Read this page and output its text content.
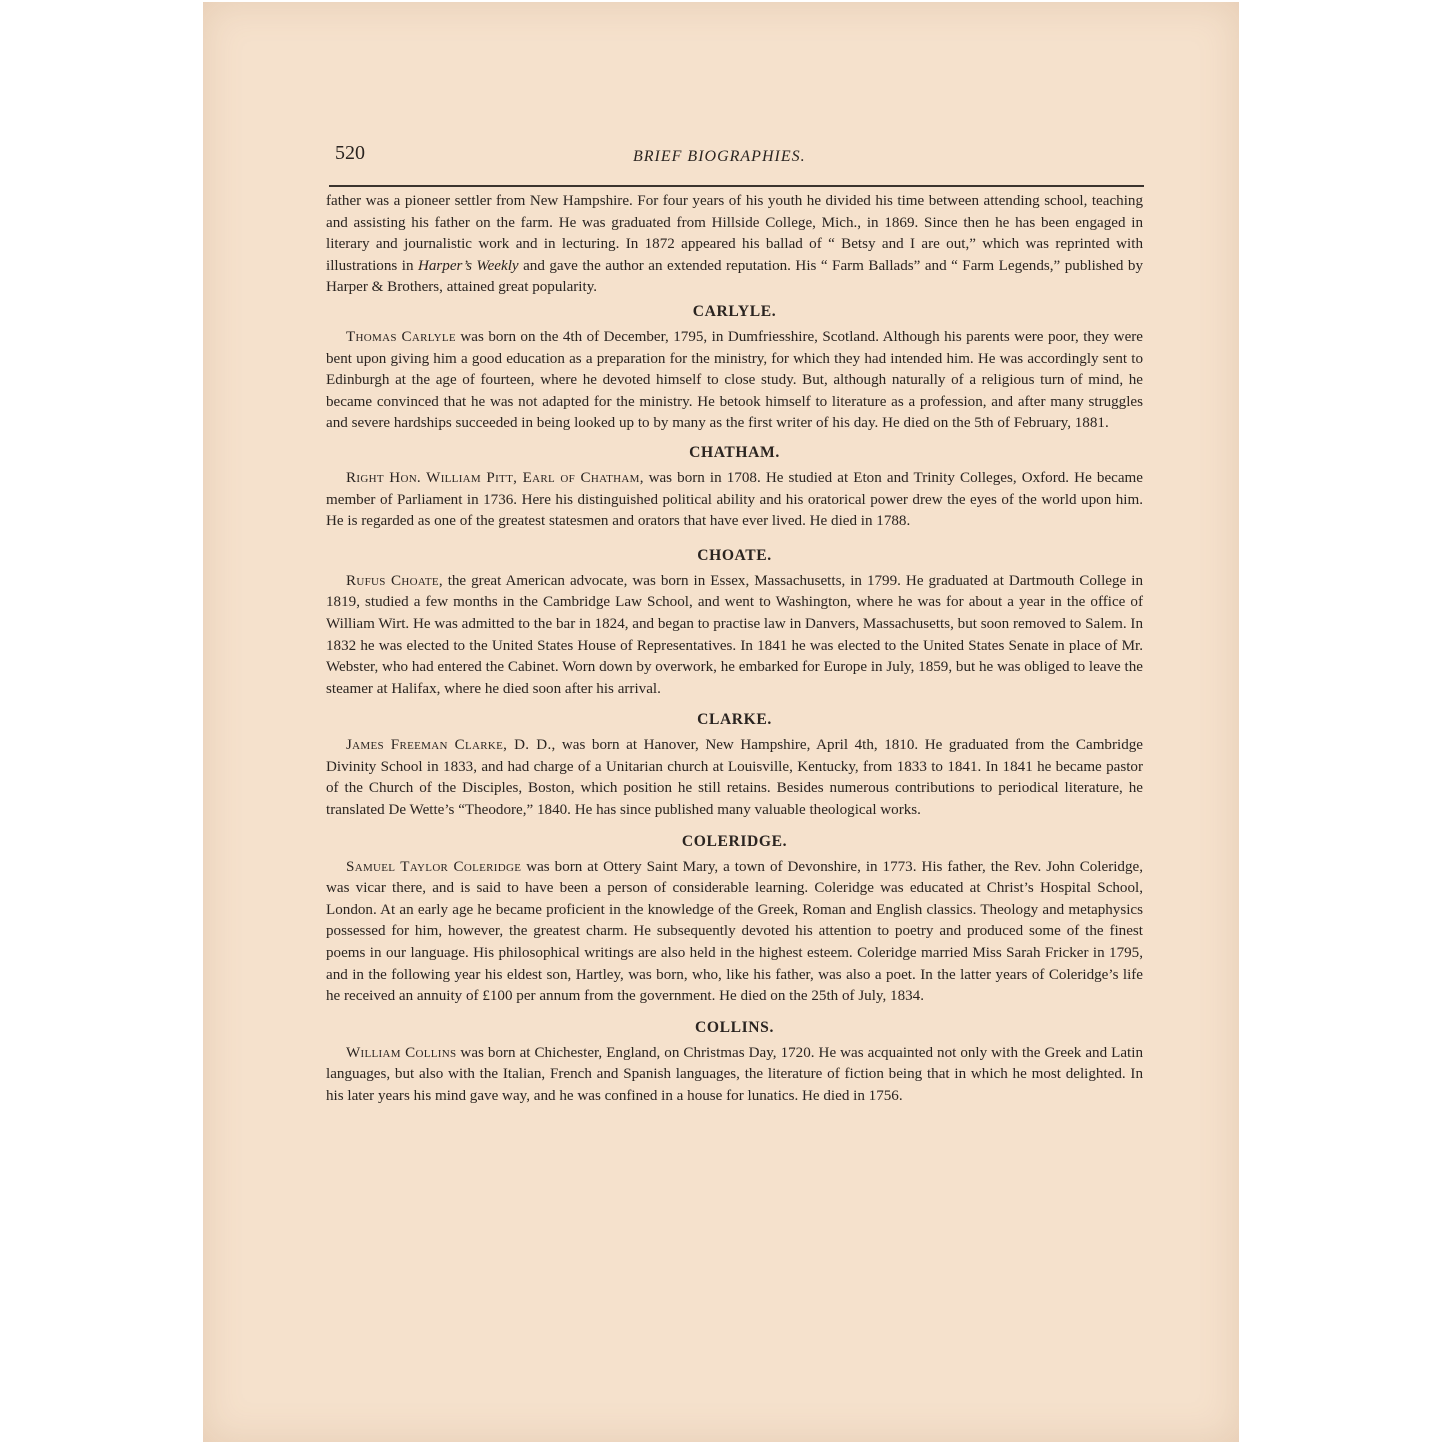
520	BRIEF BIOGRAPHIES.

father was a pioneer settler from New Hampshire. For four years of his youth he divided his time between attending school, teaching and assisting his father on the farm. He was graduated from Hillside College, Mich., in 1869. Since then he has been engaged in literary and journalistic work and in lecturing. In 1872 appeared his ballad of “ Betsy and I are out,” which was reprinted with illustrations in Harper’s Weekly and gave the author an extended reputation. His “ Farm Ballads” and “ Farm Legends,” published by Harper & Brothers, attained great popularity.

CARLYLE.

Thomas Carlyle was born on the 4th of December, 1795, in Dumfriesshire, Scotland. Although his parents were poor, they were bent upon giving him a good education as a preparation for the ministry, for which they had intended him. He was accordingly sent to Edinburgh at the age of fourteen, where he devoted himself to close study. But, although naturally of a religious turn of mind, he became convinced that he was not adapted for the ministry. He betook himself to literature as a profession, and after many struggles and severe hardships succeeded in being looked up to by many as the first writer of his day. He died on the 5th of February, 1881.

CHATHAM.

Right Hon. William Pitt, Earl of Chatham, was born in 1708. He studied at Eton and Trinity Colleges, Oxford. He became member of Parliament in 1736. Here his distinguished political ability and his oratorical power drew the eyes of the world upon him. He is regarded as one of the greatest statesmen and orators that have ever lived. He died in 1788.

CHOATE.

Rufus Choate, the great American advocate, was born in Essex, Massachusetts, in 1799. He graduated at Dartmouth College in 1819, studied a few months in the Cambridge Law School, and went to Washington, where he was for about a year in the office of William Wirt. He was admitted to the bar in 1824, and began to practise law in Danvers, Massachusetts, but soon removed to Salem. In 1832 he was elected to the United States House of Representatives. In 1841 he was elected to the United States Senate in place of Mr. Webster, who had entered the Cabinet. Worn down by overwork, he embarked for Europe in July, 1859, but he was obliged to leave the steamer at Halifax, where he died soon after his arrival.

CLARKE.

James Freeman Clarke, D. D., was born at Hanover, New Hampshire, April 4th, 1810. He graduated from the Cambridge Divinity School in 1833, and had charge of a Unitarian church at Louisville, Kentucky, from 1833 to 1841. In 1841 he became pastor of the Church of the Disciples, Boston, which position he still retains. Besides numerous contributions to periodical literature, he translated De Wette’s “Theodore,” 1840. He has since published many valuable theological works.

COLERIDGE.

Samuel Taylor Coleridge was born at Ottery Saint Mary, a town of Devonshire, in 1773. His father, the Rev. John Coleridge, was vicar there, and is said to have been a person of considerable learning. Coleridge was educated at Christ’s Hospital School, London. At an early age he became proficient in the knowledge of the Greek, Roman and English classics. Theology and metaphysics possessed for him, however, the greatest charm. He subsequently devoted his attention to poetry and produced some of the finest poems in our language. His philosophical writings are also held in the highest esteem. Coleridge married Miss Sarah Fricker in 1795, and in the following year his eldest son, Hartley, was born, who, like his father, was also a poet. In the latter years of Coleridge’s life he received an annuity of £100 per annum from the government. He died on the 25th of July, 1834.

COLLINS.

William Collins was born at Chichester, England, on Christmas Day, 1720. He was acquainted not only with the Greek and Latin languages, but also with the Italian, French and Spanish languages, the literature of fiction being that in which he most delighted. In his later years his mind gave way, and he was confined in a house for lunatics. He died in 1756.
